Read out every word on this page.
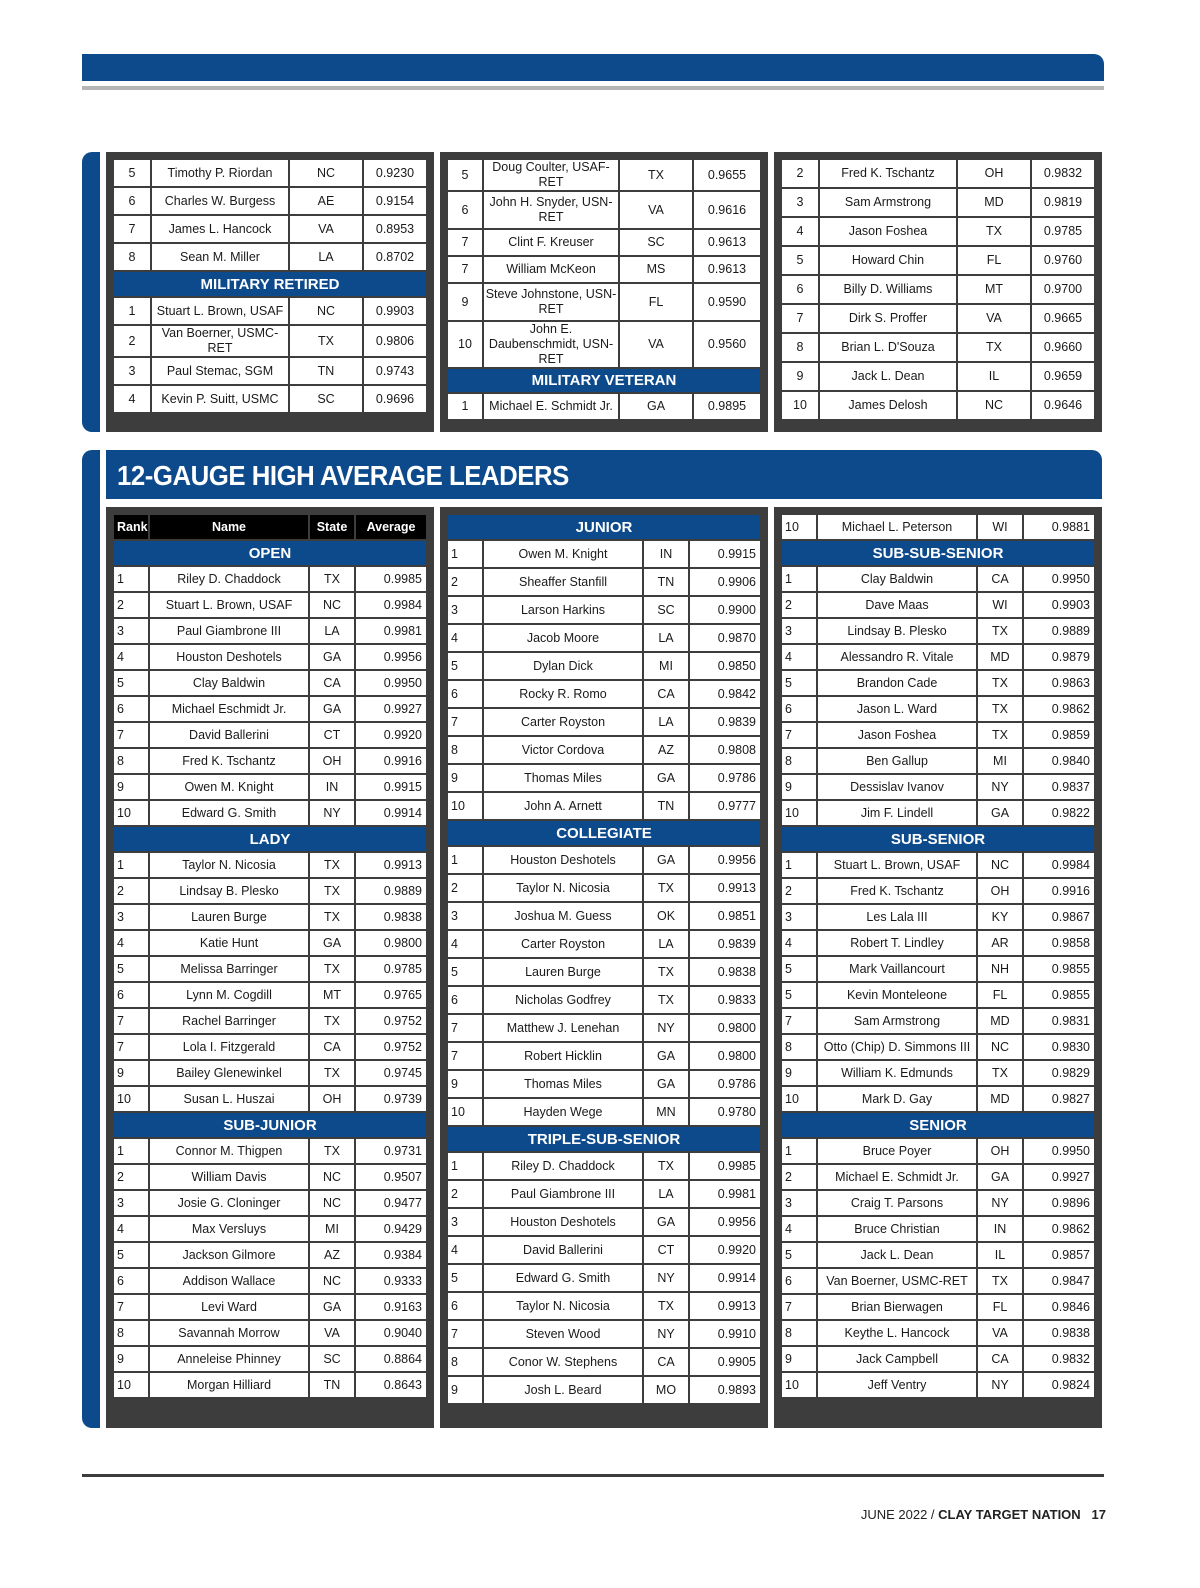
5	Timothy P. Riordan	NC	0.9230
6	Charles W. Burgess	AE	0.9154
7	James L. Hancock	VA	0.8953
8	Sean M. Miller	LA	0.8702
MILITARY RETIRED			
1	Stuart L. Brown, USAF	NC	0.9903
2	Van Boerner, USMC-RET	TX	0.9806
3	Paul Stemac, SGM	TN	0.9743
4	Kevin P. Suitt, USMC	SC	0.9696
5	Doug Coulter, USAF-RET	TX	0.9655
6	John H. Snyder, USN-RET	VA	0.9616
7	Clint F. Kreuser	SC	0.9613
7	William McKeon	MS	0.9613
9	Steve Johnstone, USN-RET	FL	0.9590
10	John E. Daubenschmidt, USN-RET	VA	0.9560
MILITARY VETERAN			
1	Michael E. Schmidt Jr.	GA	0.9895
2	Fred K. Tschantz	OH	0.9832
3	Sam Armstrong	MD	0.9819
4	Jason Foshea	TX	0.9785
5	Howard Chin	FL	0.9760
6	Billy D. Williams	MT	0.9700
7	Dirk S. Proffer	VA	0.9665
8	Brian L. D'Souza	TX	0.9660
9	Jack L. Dean	IL	0.9659
10	James Delosh	NC	0.9646
12-GAUGE HIGH AVERAGE LEADERS
Rank	Name	State	Average
OPEN			
1	Riley D. Chaddock	TX	0.9985
2	Stuart L. Brown, USAF	NC	0.9984
3	Paul Giambrone III	LA	0.9981
4	Houston Deshotels	GA	0.9956
5	Clay Baldwin	CA	0.9950
6	Michael Eschmidt Jr.	GA	0.9927
7	David Ballerini	CT	0.9920
8	Fred K. Tschantz	OH	0.9916
9	Owen M. Knight	IN	0.9915
10	Edward G. Smith	NY	0.9914
LADY			
1	Taylor N. Nicosia	TX	0.9913
2	Lindsay B. Plesko	TX	0.9889
3	Lauren Burge	TX	0.9838
4	Katie Hunt	GA	0.9800
5	Melissa Barringer	TX	0.9785
6	Lynn M. Cogdill	MT	0.9765
7	Rachel Barringer	TX	0.9752
7	Lola I. Fitzgerald	CA	0.9752
9	Bailey Glenewinkel	TX	0.9745
10	Susan L. Huszai	OH	0.9739
SUB-JUNIOR			
1	Connor M. Thigpen	TX	0.9731
2	William Davis	NC	0.9507
3	Josie G. Cloninger	NC	0.9477
4	Max Versluys	MI	0.9429
5	Jackson Gilmore	AZ	0.9384
6	Addison Wallace	NC	0.9333
7	Levi Ward	GA	0.9163
8	Savannah Morrow	VA	0.9040
9	Anneleise Phinney	SC	0.8864
10	Morgan Hilliard	TN	0.8643
JUNIOR			
1	Owen M. Knight	IN	0.9915
2	Sheaffer Stanfill	TN	0.9906
3	Larson Harkins	SC	0.9900
4	Jacob Moore	LA	0.9870
5	Dylan Dick	MI	0.9850
6	Rocky R. Romo	CA	0.9842
7	Carter Royston	LA	0.9839
8	Victor Cordova	AZ	0.9808
9	Thomas Miles	GA	0.9786
10	John A. Arnett	TN	0.9777
COLLEGIATE			
1	Houston Deshotels	GA	0.9956
2	Taylor N. Nicosia	TX	0.9913
3	Joshua M. Guess	OK	0.9851
4	Carter Royston	LA	0.9839
5	Lauren Burge	TX	0.9838
6	Nicholas Godfrey	TX	0.9833
7	Matthew J. Lenehan	NY	0.9800
7	Robert Hicklin	GA	0.9800
9	Thomas Miles	GA	0.9786
10	Hayden Wege	MN	0.9780
TRIPLE-SUB-SENIOR			
1	Riley D. Chaddock	TX	0.9985
2	Paul Giambrone III	LA	0.9981
3	Houston Deshotels	GA	0.9956
4	David Ballerini	CT	0.9920
5	Edward G. Smith	NY	0.9914
6	Taylor N. Nicosia	TX	0.9913
7	Steven Wood	NY	0.9910
8	Conor W. Stephens	CA	0.9905
9	Josh L. Beard	MO	0.9893
10	Michael L. Peterson	WI	0.9881
SUB-SUB-SENIOR			
1	Clay Baldwin	CA	0.9950
2	Dave Maas	WI	0.9903
3	Lindsay B. Plesko	TX	0.9889
4	Alessandro R. Vitale	MD	0.9879
5	Brandon Cade	TX	0.9863
6	Jason L. Ward	TX	0.9862
7	Jason Foshea	TX	0.9859
8	Ben Gallup	MI	0.9840
9	Dessislav Ivanov	NY	0.9837
10	Jim F. Lindell	GA	0.9822
SUB-SENIOR			
1	Stuart L. Brown, USAF	NC	0.9984
2	Fred K. Tschantz	OH	0.9916
3	Les Lala III	KY	0.9867
4	Robert T. Lindley	AR	0.9858
5	Mark Vaillancourt	NH	0.9855
5	Kevin Monteleone	FL	0.9855
7	Sam Armstrong	MD	0.9831
8	Otto (Chip) D. Simmons III	NC	0.9830
9	William K. Edmunds	TX	0.9829
10	Mark D. Gay	MD	0.9827
SENIOR			
1	Bruce Poyer	OH	0.9950
2	Michael E. Schmidt Jr.	GA	0.9927
3	Craig T. Parsons	NY	0.9896
4	Bruce Christian	IN	0.9862
5	Jack L. Dean	IL	0.9857
6	Van Boerner, USMC-RET	TX	0.9847
7	Brian Bierwagen	FL	0.9846
8	Keythe L. Hancock	VA	0.9838
9	Jack Campbell	CA	0.9832
10	Jeff Ventry	NY	0.9824
JUNE 2022 / CLAY TARGET NATION 17
